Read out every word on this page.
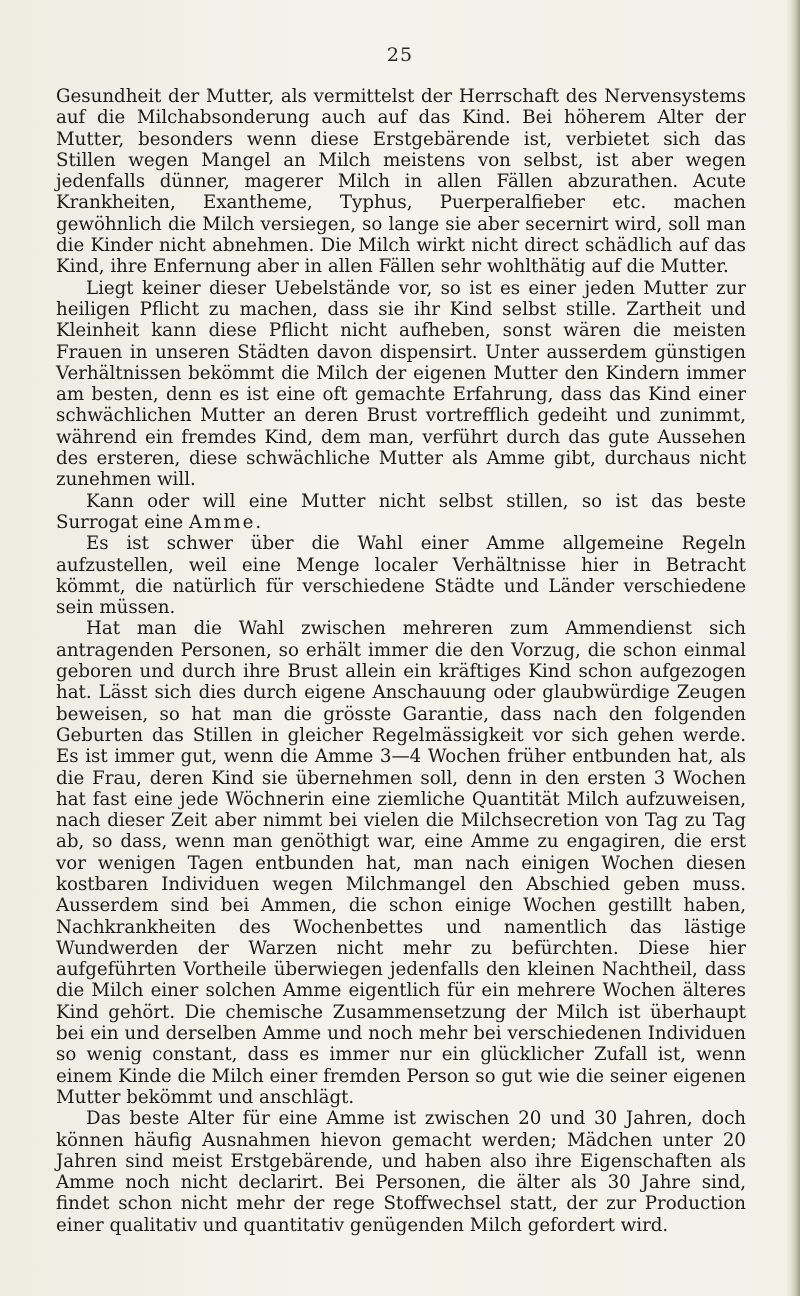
25

Gesundheit der Mutter, als vermittelst der Herrschaft des Nervensystems auf die Milchabsonderung auch auf das Kind. Bei höherem Alter der Mutter, besonders wenn diese Erstgebärende ist, verbietet sich das Stillen wegen Mangel an Milch meistens von selbst, ist aber wegen jedenfalls dünner, magerer Milch in allen Fällen abzurathen. Acute Krankheiten, Exantheme, Typhus, Puerperalfieber etc. machen gewöhnlich die Milch versiegen, so lange sie aber secernirt wird, soll man die Kinder nicht abnehmen. Die Milch wirkt nicht direct schädlich auf das Kind, ihre Enfernung aber in allen Fällen sehr wohlthätig auf die Mutter.

Liegt keiner dieser Uebelstände vor, so ist es einer jeden Mutter zur heiligen Pflicht zu machen, dass sie ihr Kind selbst stille. Zartheit und Kleinheit kann diese Pflicht nicht aufheben, sonst wären die meisten Frauen in unseren Städten davon dispensirt. Unter ausserdem günstigen Verhältnissen bekömmt die Milch der eigenen Mutter den Kindern immer am besten, denn es ist eine oft gemachte Erfahrung, dass das Kind einer schwächlichen Mutter an deren Brust vortrefflich gedeiht und zunimmt, während ein fremdes Kind, dem man, verführt durch das gute Aussehen des ersteren, diese schwächliche Mutter als Amme gibt, durchaus nicht zunehmen will.

Kann oder will eine Mutter nicht selbst stillen, so ist das beste Surrogat eine Amme.

Es ist schwer über die Wahl einer Amme allgemeine Regeln aufzustellen, weil eine Menge localer Verhältnisse hier in Betracht kömmt, die natürlich für verschiedene Städte und Länder verschiedene sein müssen.

Hat man die Wahl zwischen mehreren zum Ammendienst sich antragenden Personen, so erhält immer die den Vorzug, die schon einmal geboren und durch ihre Brust allein ein kräftiges Kind schon aufgezogen hat. Lässt sich dies durch eigene Anschauung oder glaubwürdige Zeugen beweisen, so hat man die grösste Garantie, dass nach den folgenden Geburten das Stillen in gleicher Regelmässigkeit vor sich gehen werde. Es ist immer gut, wenn die Amme 3—4 Wochen früher entbunden hat, als die Frau, deren Kind sie übernehmen soll, denn in den ersten 3 Wochen hat fast eine jede Wöchnerin eine ziemliche Quantität Milch aufzuweisen, nach dieser Zeit aber nimmt bei vielen die Milchsecretion von Tag zu Tag ab, so dass, wenn man genöthigt war, eine Amme zu engagiren, die erst vor wenigen Tagen entbunden hat, man nach einigen Wochen diesen kostbaren Individuen wegen Milchmangel den Abschied geben muss. Ausserdem sind bei Ammen, die schon einige Wochen gestillt haben, Nachkrankheiten des Wochenbettes und namentlich das lästige Wundwerden der Warzen nicht mehr zu befürchten. Diese hier aufgeführten Vortheile überwiegen jedenfalls den kleinen Nachtheil, dass die Milch einer solchen Amme eigentlich für ein mehrere Wochen älteres Kind gehört. Die chemische Zusammensetzung der Milch ist überhaupt bei ein und derselben Amme und noch mehr bei verschiedenen Individuen so wenig constant, dass es immer nur ein glücklicher Zufall ist, wenn einem Kinde die Milch einer fremden Person so gut wie die seiner eigenen Mutter bekömmt und anschlägt.

Das beste Alter für eine Amme ist zwischen 20 und 30 Jahren, doch können häufig Ausnahmen hievon gemacht werden; Mädchen unter 20 Jahren sind meist Erstgebärende, und haben also ihre Eigenschaften als Amme noch nicht declarirt. Bei Personen, die älter als 30 Jahre sind, findet schon nicht mehr der rege Stoffwechsel statt, der zur Production einer qualitativ und quantitativ genügenden Milch gefordert wird.
